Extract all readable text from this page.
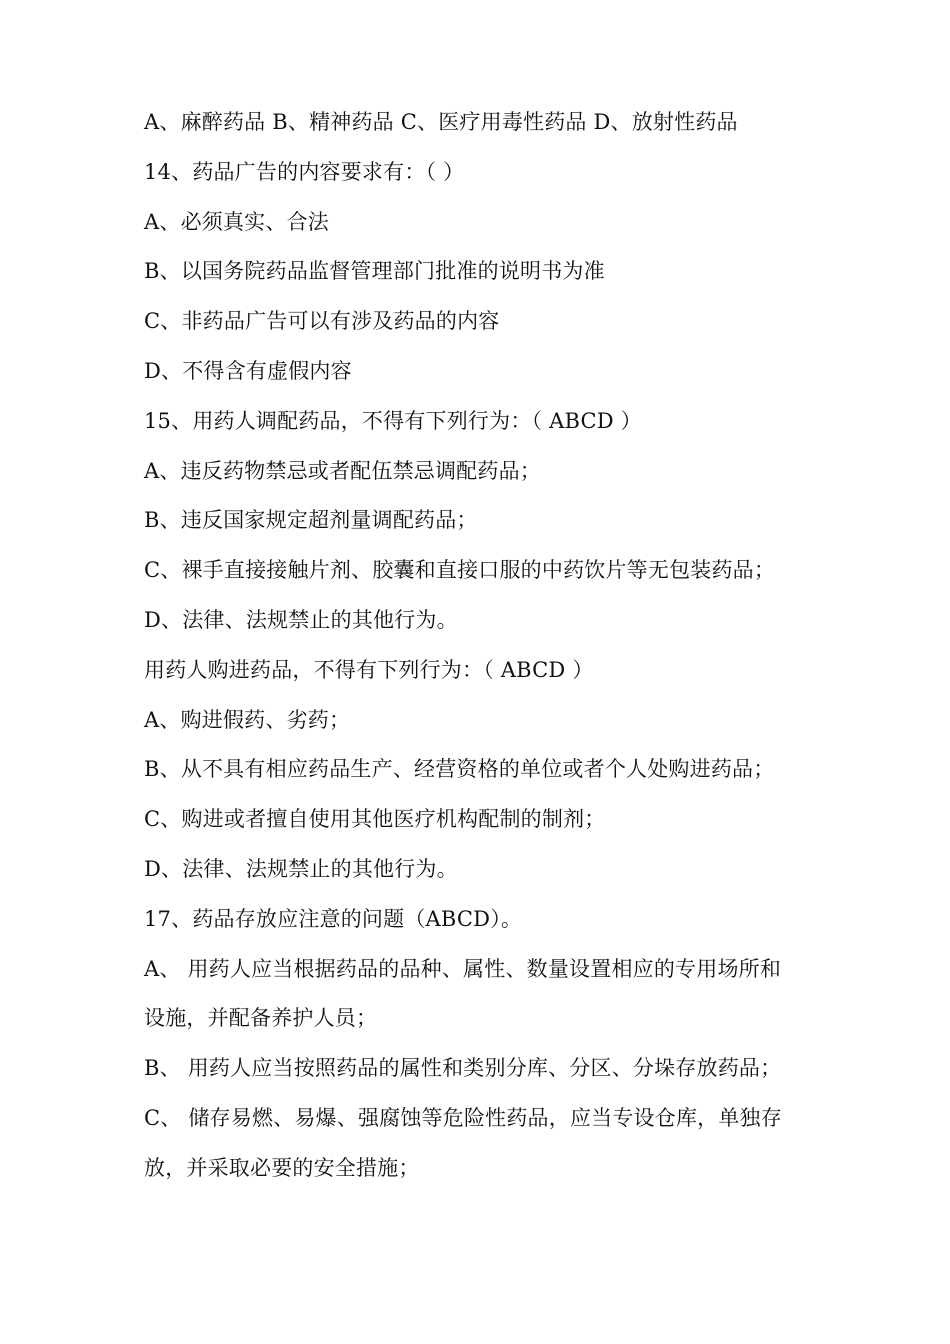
A、麻醉药品 B、精神药品 C、医疗用毒性药品 D、放射性药品
14、药品广告的内容要求有：（ ）
A、必须真实、合法
B、以国务院药品监督管理部门批准的说明书为准
C、非药品广告可以有涉及药品的内容
D、不得含有虚假内容
15、用药人调配药品，不得有下列行为：（ ABCD ）
A、违反药物禁忌或者配伍禁忌调配药品；
B、违反国家规定超剂量调配药品；
C、裸手直接接触片剂、胶囊和直接口服的中药饮片等无包装药品；
D、法律、法规禁止的其他行为。
用药人购进药品，不得有下列行为：（ ABCD ）
A、购进假药、劣药；
B、从不具有相应药品生产、经营资格的单位或者个人处购进药品；
C、购进或者擅自使用其他医疗机构配制的制剂；
D、法律、法规禁止的其他行为。
17、药品存放应注意的问题（ABCD）。
A、 用药人应当根据药品的品种、属性、数量设置相应的专用场所和
设施，并配备养护人员；
B、 用药人应当按照药品的属性和类别分库、分区、分垛存放药品；
C、 储存易燃、易爆、强腐蚀等危险性药品，应当专设仓库，单独存
放，并采取必要的安全措施；
